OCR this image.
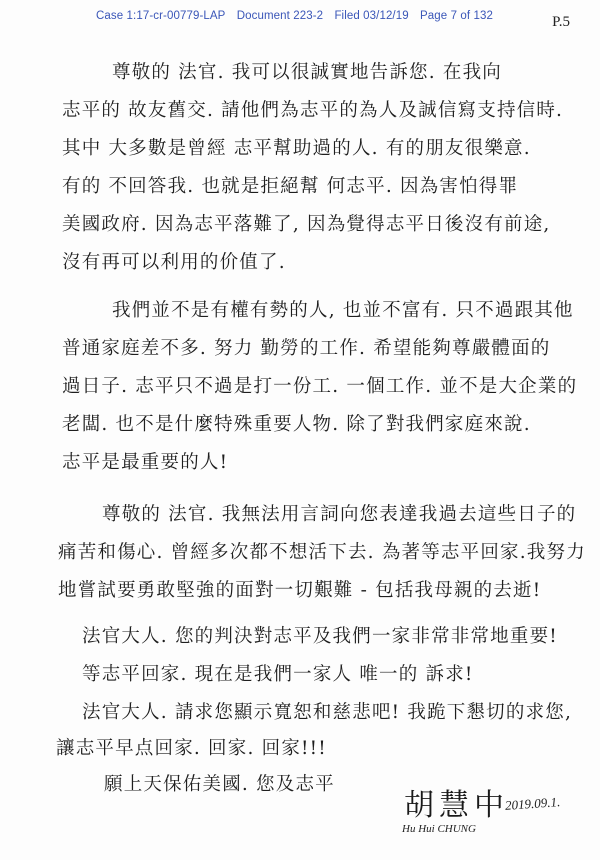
Case 1:17-cr-00779-LAP Document 223-2 Filed 03/12/19 Page 7 of 132	P.5
尊敬的 法官. 我可以很誠實地告訴您. 在我向
志平的 故友舊交. 請他們為志平的為人及誠信寫支持信時.
其中 大多數是曾經 志平幫助過的人. 有的朋友很樂意.
有的 不回答我. 也就是拒絕幫 何志平. 因為害怕得罪
美國政府. 因為志平落難了, 因為覺得志平日後沒有前途,
沒有再可以利用的价值了.
我們並不是有權有勢的人, 也並不富有. 只不過跟其他
普通家庭差不多. 努力 勤勞的工作. 希望能夠尊嚴體面的
過日子. 志平只不過是打一份工. 一個工作. 並不是大企業的
老闆. 也不是什麼特殊重要人物. 除了對我們家庭來說.
志平是最重要的人!
尊敬的 法官. 我無法用言詞向您表達我過去這些日子的
痛苦和傷心. 曾經多次都不想活下去. 為著等志平回家.我努力
地嘗試要勇敢堅強的面對一切艱難 - 包括我母親的去逝!
法官大人. 您的判決對志平及我們一家非常非常地重要!
等志平回家. 現在是我們一家人 唯一的 訴求!
法官大人. 請求您顯示寬恕和慈悲吧! 我跪下懇切的求您,
讓志平早点回家. 回家. 回家!!!
願上天保佑美國. 您及志平
胡慧中
2019.09.1.
Hu Hui CHUNG
